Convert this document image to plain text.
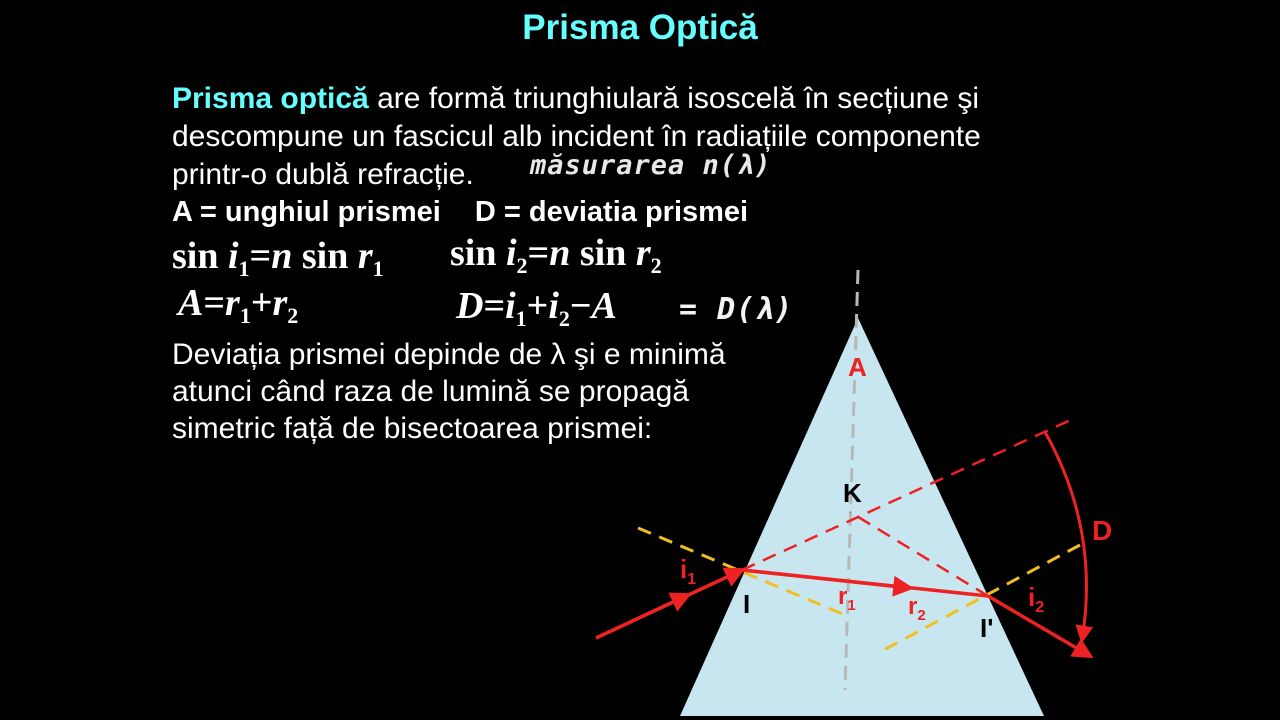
Prisma Optică
Prisma optică are formă triunghiulară isoscelă în secțiune şi
descompune un fascicul alb incident în radiațiile componente
printr-o dublă refracție.	măsurarea n(λ)
A = unghiul prismei D = deviatia prismei
$\sin i_1=n$ $\sin r_1$ $\sin i_2=n$ $\sin r_2$
$A=r_1+r_2$	$D=i_1+i_2-A = D(\lambda)$
Deviația prismei depinde de λ şi e minimă
atunci când raza de lumină se propagă
simetric față de bisectoarea prismei:
A
K
D
I
I'
$i_1$
$r_1$ $r_2$
$i_2$
